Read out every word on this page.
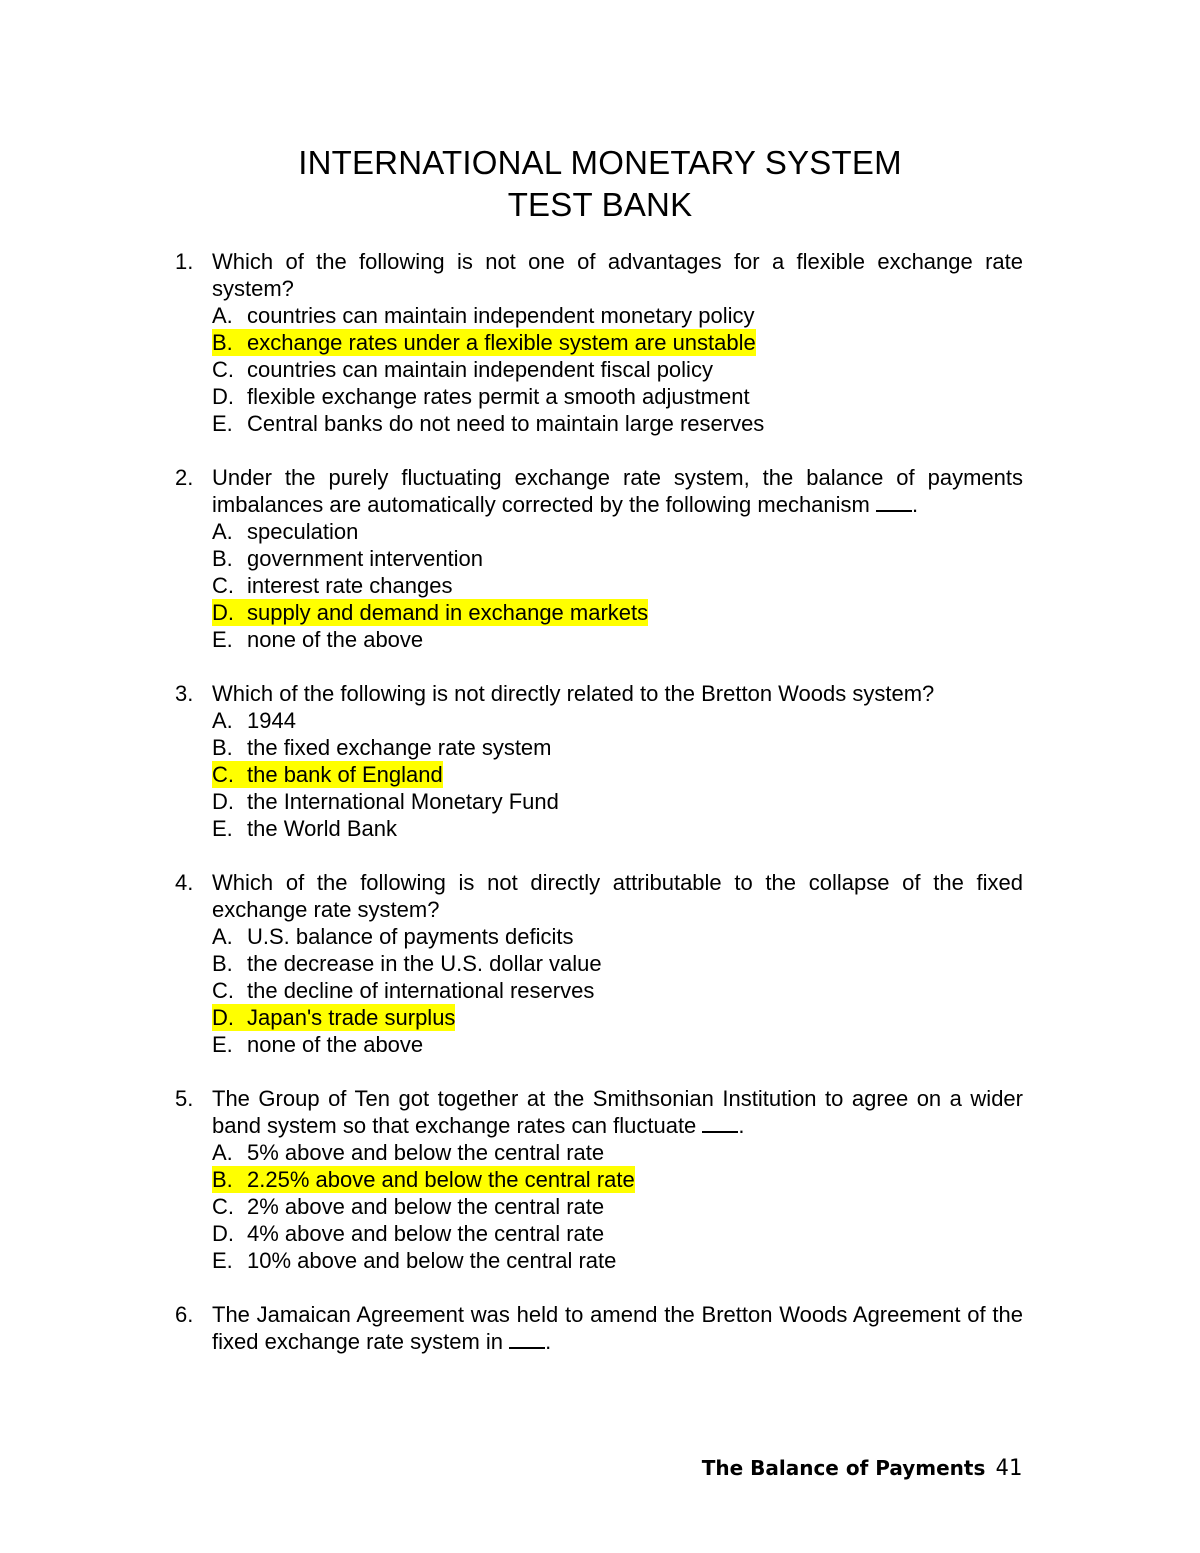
INTERNATIONAL MONETARY SYSTEM
TEST BANK
1. Which of the following is not one of advantages for a flexible exchange rate system?
A. countries can maintain independent monetary policy
B. exchange rates under a flexible system are unstable
C. countries can maintain independent fiscal policy
D. flexible exchange rates permit a smooth adjustment
E. Central banks do not need to maintain large reserves
2. Under the purely fluctuating exchange rate system, the balance of payments imbalances are automatically corrected by the following mechanism .
A. speculation
B. government intervention
C. interest rate changes
D. supply and demand in exchange markets
E. none of the above
3. Which of the following is not directly related to the Bretton Woods system?
A. 1944
B. the fixed exchange rate system
C. the bank of England
D. the International Monetary Fund
E. the World Bank
4. Which of the following is not directly attributable to the collapse of the fixed exchange rate system?
A. U.S. balance of payments deficits
B. the decrease in the U.S. dollar value
C. the decline of international reserves
D. Japan's trade surplus
E. none of the above
5. The Group of Ten got together at the Smithsonian Institution to agree on a wider band system so that exchange rates can fluctuate .
A. 5% above and below the central rate
B. 2.25% above and below the central rate
C. 2% above and below the central rate
D. 4% above and below the central rate
E. 10% above and below the central rate
6. The Jamaican Agreement was held to amend the Bretton Woods Agreement of the fixed exchange rate system in .
The Balance of Payments 41
